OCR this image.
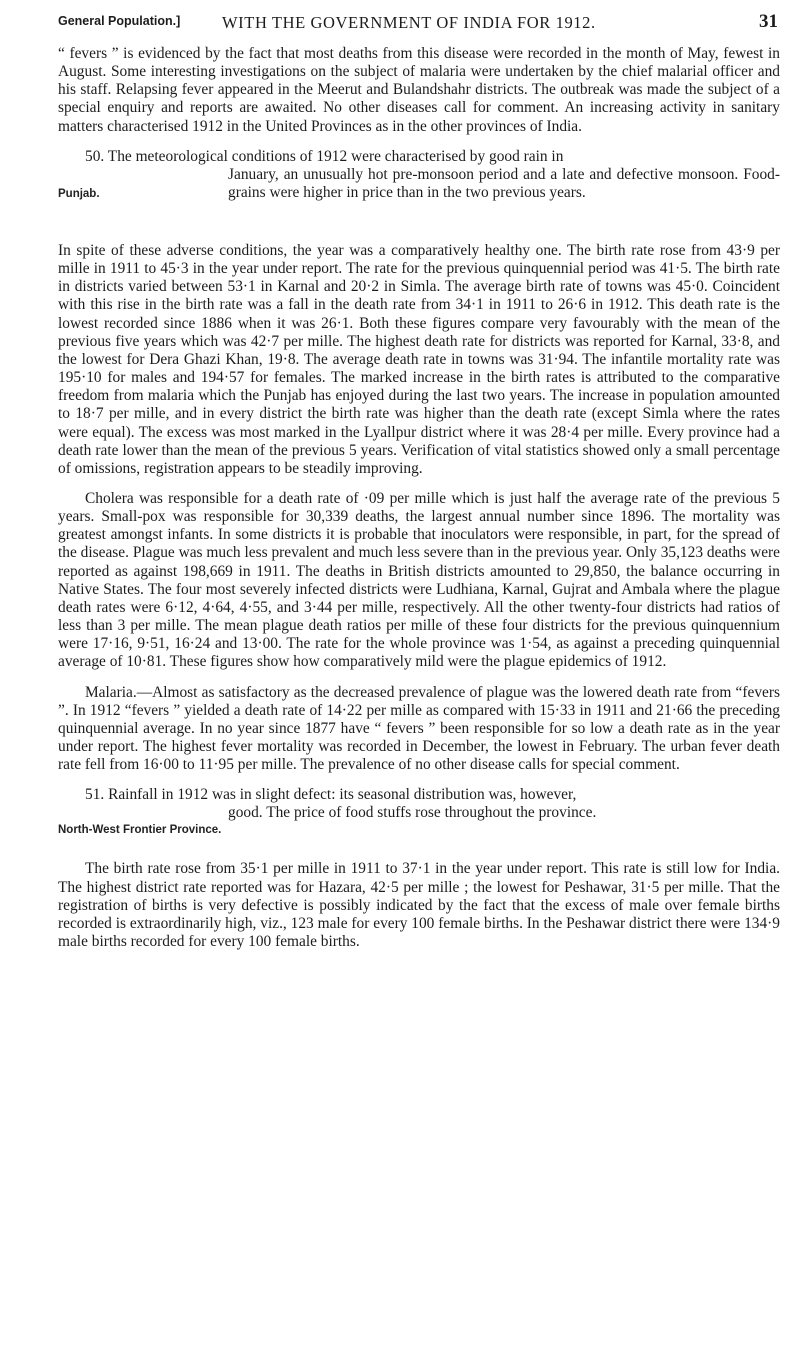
General Population.]	WITH THE GOVERNMENT OF INDIA FOR 1912.	31

“ fevers ” is evidenced by the fact that most deaths from this disease were recorded in the month of May, fewest in August. Some interesting investigations on the subject of malaria were undertaken by the chief malarial officer and his staff. Relapsing fever appeared in the Meerut and Bulandshahr districts. The outbreak was made the subject of a special enquiry and reports are awaited. No other diseases call for comment. An increasing activity in sanitary matters characterised 1912 in the United Provinces as in the other provinces of India.

50. The meteorological conditions of 1912 were characterised by good rain in

Punjab.
January, an unusually hot pre-monsoon period and a late and defective monsoon. Food-grains were higher in price than in the two previous years.

In spite of these adverse conditions, the year was a comparatively healthy one. The birth rate rose from 43·9 per mille in 1911 to 45·3 in the year under report. The rate for the previous quinquennial period was 41·5. The birth rate in districts varied between 53·1 in Karnal and 20·2 in Simla. The average birth rate of towns was 45·0. Coincident with this rise in the birth rate was a fall in the death rate from 34·1 in 1911 to 26·6 in 1912. This death rate is the lowest recorded since 1886 when it was 26·1. Both these figures compare very favourably with the mean of the previous five years which was 42·7 per mille. The highest death rate for districts was reported for Karnal, 33·8, and the lowest for Dera Ghazi Khan, 19·8. The average death rate in towns was 31·94. The infantile mortality rate was 195·10 for males and 194·57 for females. The marked increase in the birth rates is attributed to the comparative freedom from malaria which the Punjab has enjoyed during the last two years. The increase in population amounted to 18·7 per mille, and in every district the birth rate was higher than the death rate (except Simla where the rates were equal). The excess was most marked in the Lyallpur district where it was 28·4 per mille. Every province had a death rate lower than the mean of the previous 5 years. Verification of vital statistics showed only a small percentage of omissions, registration appears to be steadily improving.

Cholera was responsible for a death rate of ·09 per mille which is just half the average rate of the previous 5 years. Small-pox was responsible for 30,339 deaths, the largest annual number since 1896. The mortality was greatest amongst infants. In some districts it is probable that inoculators were responsible, in part, for the spread of the disease. Plague was much less prevalent and much less severe than in the previous year. Only 35,123 deaths were reported as against 198,669 in 1911. The deaths in British districts amounted to 29,850, the balance occurring in Native States. The four most severely infected districts were Ludhiana, Karnal, Gujrat and Ambala where the plague death rates were 6·12, 4·64, 4·55, and 3·44 per mille, respectively. All the other twenty-four districts had ratios of less than 3 per mille. The mean plague death ratios per mille of these four districts for the previous quinquennium were 17·16, 9·51, 16·24 and 13·00. The rate for the whole province was 1·54, as against a preceding quinquennial average of 10·81. These figures show how comparatively mild were the plague epidemics of 1912.

Malaria.—Almost as satisfactory as the decreased prevalence of plague was the lowered death rate from “fevers ”. In 1912 “fevers ” yielded a death rate of 14·22 per mille as compared with 15·33 in 1911 and 21·66 the preceding quinquennial average. In no year since 1877 have “ fevers ” been responsible for so low a death rate as in the year under report. The highest fever mortality was recorded in December, the lowest in February. The urban fever death rate fell from 16·00 to 11·95 per mille. The prevalence of no other disease calls for special comment.

51. Rainfall in 1912 was in slight defect: its seasonal distribution was, however,

North-West Frontier Province.
good. The price of food stuffs rose throughout the province.

The birth rate rose from 35·1 per mille in 1911 to 37·1 in the year under report. This rate is still low for India. The highest district rate reported was for Hazara, 42·5 per mille ; the lowest for Peshawar, 31·5 per mille. That the registration of births is very defective is possibly indicated by the fact that the excess of male over female births recorded is extraordinarily high, viz., 123 male for every 100 female births. In the Peshawar district there were 134·9 male births recorded for every 100 female births.
